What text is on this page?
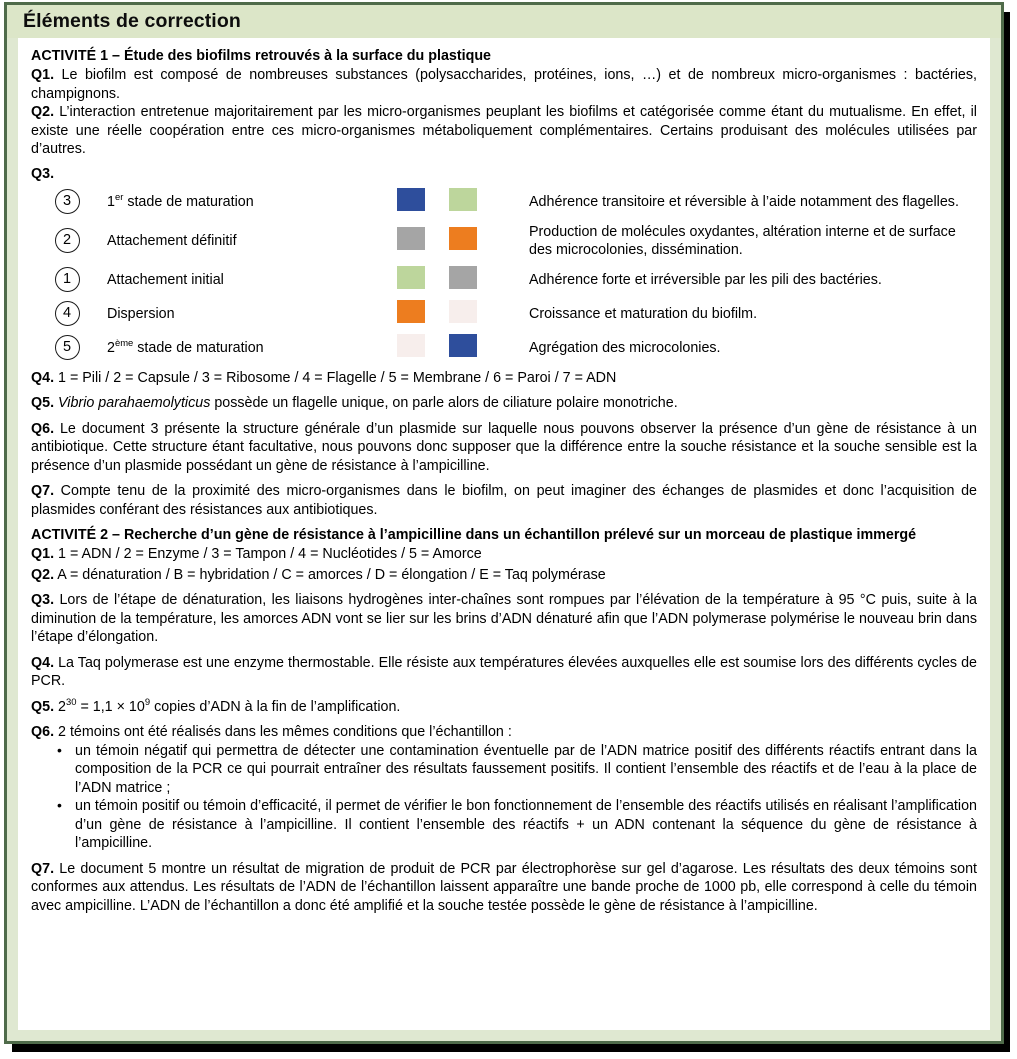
Éléments de correction
ACTIVITÉ 1 – Étude des biofilms retrouvés à la surface du plastique

Q1. Le biofilm est composé de nombreuses substances (polysaccharides, protéines, ions, …) et de nombreux micro-organismes : bactéries, champignons.

Q2. L’interaction entretenue majoritairement par les micro-organismes peuplant les biofilms et catégorisée comme étant du mutualisme. En effet, il existe une réelle coopération entre ces micro-organismes métaboliquement complémentaires. Certains produisant des molécules utilisées par d’autres.

Q3.
3	1er stade de maturation			Adhérence transitoire et réversible à l’aide notamment des flagelles.
2	Attachement définitif			Production de molécules oxydantes, altération interne et de surface des microcolonies, dissémination.
1	Attachement initial			Adhérence forte et irréversible par les pili des bactéries.
4	Dispersion			Croissance et maturation du biofilm.
5	2ème stade de maturation			Agrégation des microcolonies.

Q4. 1 = Pili / 2 = Capsule / 3 = Ribosome / 4 = Flagelle / 5 = Membrane / 6 = Paroi / 7 = ADN

Q5. Vibrio parahaemolyticus possède un flagelle unique, on parle alors de ciliature polaire monotriche.

Q6. Le document 3 présente la structure générale d’un plasmide sur laquelle nous pouvons observer la présence d’un gène de résistance à un antibiotique. Cette structure étant facultative, nous pouvons donc supposer que la différence entre la souche résistance et la souche sensible est la présence d’un plasmide possédant un gène de résistance à l’ampicilline.

Q7. Compte tenu de la proximité des micro-organismes dans le biofilm, on peut imaginer des échanges de plasmides et donc l’acquisition de plasmides conférant des résistances aux antibiotiques.

ACTIVITÉ 2 – Recherche d’un gène de résistance à l’ampicilline dans un échantillon prélevé sur un morceau de plastique immergé

Q1. 1 = ADN / 2 = Enzyme / 3 = Tampon / 4 = Nucléotides / 5 = Amorce

Q2. A = dénaturation / B = hybridation / C = amorces / D = élongation / E = Taq polymérase

Q3. Lors de l’étape de dénaturation, les liaisons hydrogènes inter-chaînes sont rompues par l’élévation de la température à 95 °C puis, suite à la diminution de la température, les amorces ADN vont se lier sur les brins d’ADN dénaturé afin que l’ADN polymerase polymérise le nouveau brin dans l’étape d’élongation.

Q4. La Taq polymerase est une enzyme thermostable. Elle résiste aux températures élevées auxquelles elle est soumise lors des différents cycles de PCR.

Q5. $2^{30} = 1,1 \times 10^9$ copies d’ADN à la fin de l’amplification.

Q6. 2 témoins ont été réalisés dans les mêmes conditions que l’échantillon :

• un témoin négatif qui permettra de détecter une contamination éventuelle par de l’ADN matrice positif des différents réactifs entrant dans la composition de la PCR ce qui pourrait entraîner des résultats faussement positifs. Il contient l’ensemble des réactifs et de l’eau à la place de l’ADN matrice ;
• un témoin positif ou témoin d’efficacité, il permet de vérifier le bon fonctionnement de l’ensemble des réactifs utilisés en réalisant l’amplification d’un gène de résistance à l’ampicilline. Il contient l’ensemble des réactifs + un ADN contenant la séquence du gène de résistance à l’ampicilline.

Q7. Le document 5 montre un résultat de migration de produit de PCR par électrophorèse sur gel d’agarose. Les résultats des deux témoins sont conformes aux attendus. Les résultats de l’ADN de l’échantillon laissent apparaître une bande proche de 1000 pb, elle correspond à celle du témoin avec ampicilline. L’ADN de l’échantillon a donc été amplifié et la souche testée possède le gène de résistance à l’ampicilline.
